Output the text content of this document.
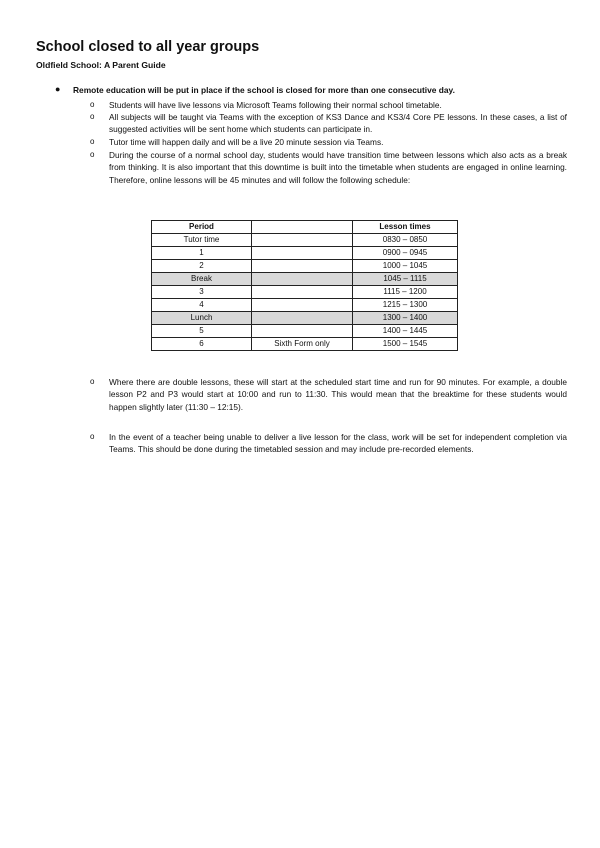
School closed to all year groups
Oldfield School: A Parent Guide
● Remote education will be put in place if the school is closed for more than one consecutive day.
o Students will have live lessons via Microsoft Teams following their normal school timetable.
o All subjects will be taught via Teams with the exception of KS3 Dance and KS3/4 Core PE lessons. In these cases, a list of suggested activities will be sent home which students can participate in.
o Tutor time will happen daily and will be a live 20 minute session via Teams.
o During the course of a normal school day, students would have transition time between lessons which also acts as a break from thinking. It is also important that this downtime is built into the timetable when students are engaged in online learning. Therefore, online lessons will be 45 minutes and will follow the following schedule:
Period		Lesson times
Tutor time		0830 – 0850
1		0900 – 0945
2		1000 – 1045
Break		1045 – 1115
3		1115 – 1200
4		1215 – 1300
Lunch		1300 – 1400
5		1400 – 1445
6	Sixth Form only	1500 – 1545
o Where there are double lessons, these will start at the scheduled start time and run for 90 minutes. For example, a double lesson P2 and P3 would start at 10:00 and run to 11:30. This would mean that the breaktime for these students would happen slightly later (11:30 – 12:15).
o In the event of a teacher being unable to deliver a live lesson for the class, work will be set for independent completion via Teams. This should be done during the timetabled session and may include pre-recorded elements.
